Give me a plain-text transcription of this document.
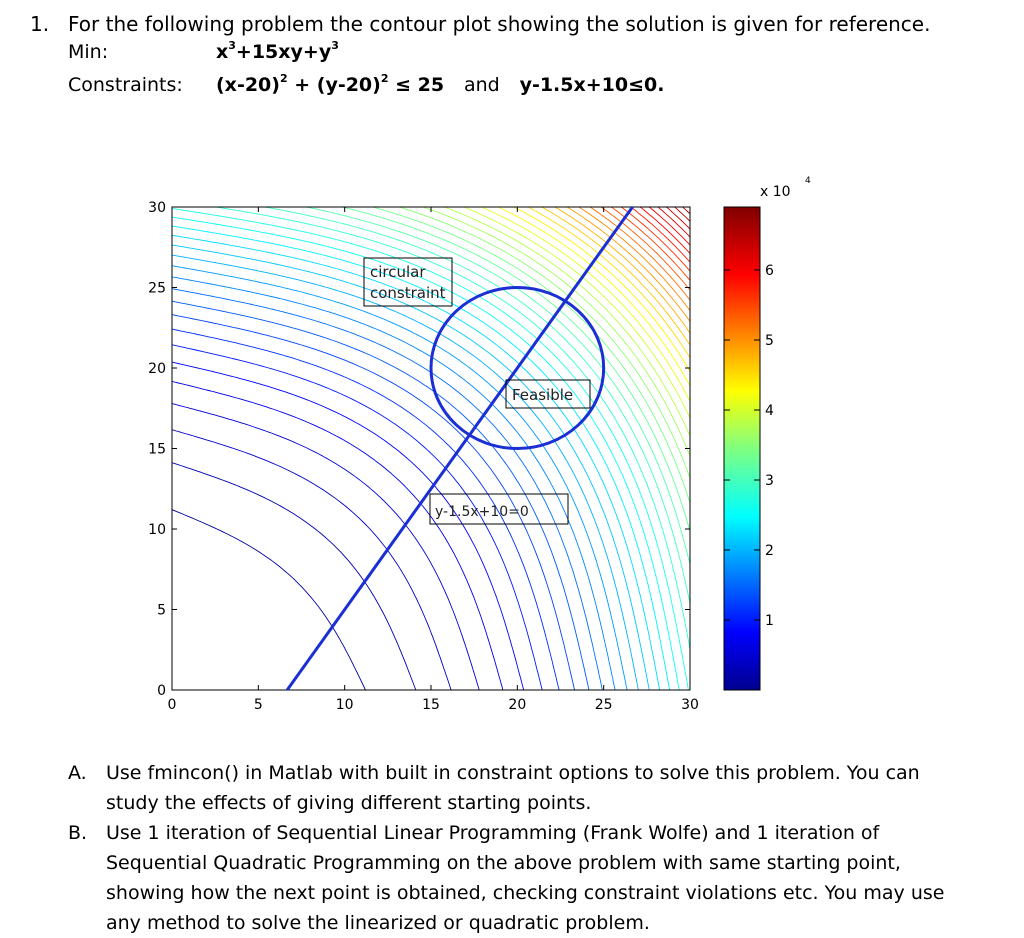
1. For the following problem the contour plot showing the solution is given for reference.
Min:	$x^3+15xy+y^3$
Constraints: $(x-20)^2 + (y-20)^2 \le 25$ and y-1.5x+10≤0.
0	5	10	15	20	25	30
0
5
10
15
20
25
30
circular
constraint
Feasible
y-1.5x+10=0
1
2
3
4
5
6
x 10
4
A.	Use fmincon() in Matlab with built in constraint options to solve this problem. You can study the effects of giving different starting points.
B. Use 1 iteration of Sequential Linear Programming (Frank Wolfe) and 1 iteration of Sequential Quadratic Programming on the above problem with same starting point, showing how the next point is obtained, checking constraint violations etc. You may use any method to solve the linearized or quadratic problem.
